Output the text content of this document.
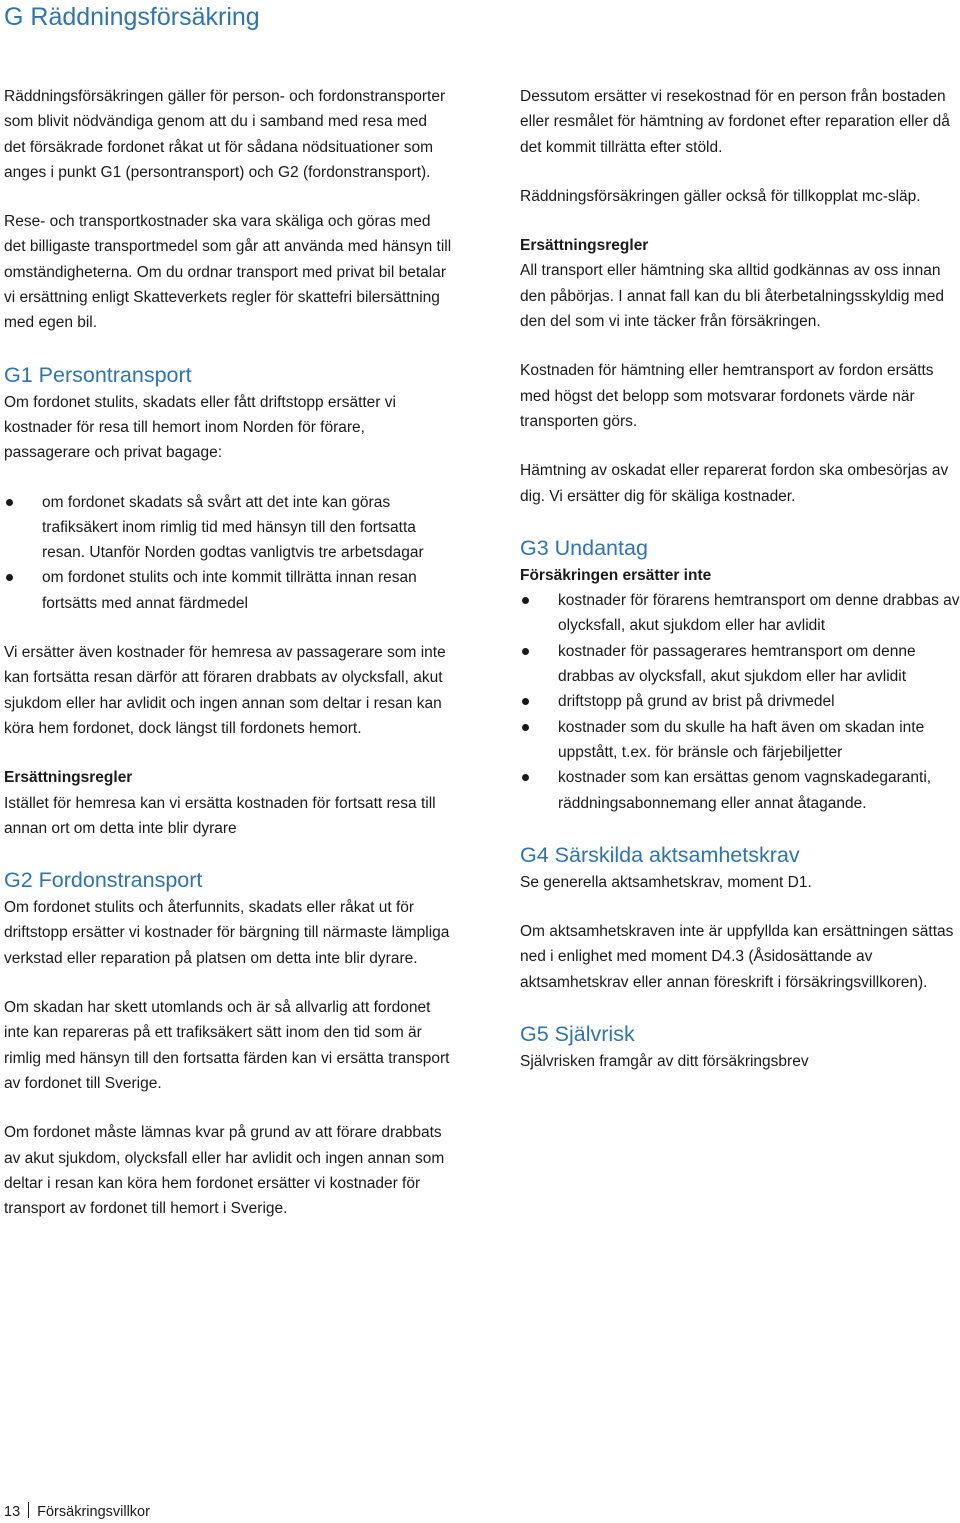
G Räddningsförsäkring

Räddningsförsäkringen gäller för person- och fordonstransporter som blivit nödvändiga genom att du i samband med resa med det försäkrade fordonet råkat ut för sådana nödsituationer som anges i punkt G1 (persontransport) och G2 (fordonstransport).

Rese- och transportkostnader ska vara skäliga och göras med det billigaste transportmedel som går att använda med hänsyn till omständigheterna. Om du ordnar transport med privat bil betalar vi ersättning enligt Skatteverkets regler för skattefri bilersättning med egen bil.

G1 Persontransport

Om fordonet stulits, skadats eller fått driftstopp ersätter vi kostnader för resa till hemort inom Norden för förare, passagerare och privat bagage:

om fordonet skadats så svårt att det inte kan göras trafiksäkert inom rimlig tid med hänsyn till den fortsatta resan. Utanför Norden godtas vanligtvis tre arbetsdagar
om fordonet stulits och inte kommit tillrätta innan resan fortsätts med annat färdmedel

Vi ersätter även kostnader för hemresa av passagerare som inte kan fortsätta resan därför att föraren drabbats av olycksfall, akut sjukdom eller har avlidit och ingen annan som deltar i resan kan köra hem fordonet, dock längst till fordonets hemort.

Ersättningsregler

Istället för hemresa kan vi ersätta kostnaden för fortsatt resa till annan ort om detta inte blir dyrare

G2 Fordonstransport

Om fordonet stulits och återfunnits, skadats eller råkat ut för driftstopp ersätter vi kostnader för bärgning till närmaste lämpliga verkstad eller reparation på platsen om detta inte blir dyrare.

Om skadan har skett utomlands och är så allvarlig att fordonet inte kan repareras på ett trafiksäkert sätt inom den tid som är rimlig med hänsyn till den fortsatta färden kan vi ersätta transport av fordonet till Sverige.

Om fordonet måste lämnas kvar på grund av att förare drabbats av akut sjukdom, olycksfall eller har avlidit och ingen annan som deltar i resan kan köra hem fordonet ersätter vi kostnader för transport av fordonet till hemort i Sverige.

Dessutom ersätter vi resekostnad för en person från bostaden eller resmålet för hämtning av fordonet efter reparation eller då det kommit tillrätta efter stöld.

Räddningsförsäkringen gäller också för tillkopplat mc-släp.

Ersättningsregler

All transport eller hämtning ska alltid godkännas av oss innan den påbörjas. I annat fall kan du bli återbetalningsskyldig med den del som vi inte täcker från försäkringen.

Kostnaden för hämtning eller hemtransport av fordon ersätts med högst det belopp som motsvarar fordonets värde när transporten görs.

Hämtning av oskadat eller reparerat fordon ska ombesörjas av dig. Vi ersätter dig för skäliga kostnader.

G3 Undantag

Försäkringen ersätter inte

kostnader för förarens hemtransport om denne drabbas av olycksfall, akut sjukdom eller har avlidit
kostnader för passagerares hemtransport om denne drabbas av olycksfall, akut sjukdom eller har avlidit
driftstopp på grund av brist på drivmedel
kostnader som du skulle ha haft även om skadan inte uppstått, t.ex. för bränsle och färjebiljetter
kostnader som kan ersättas genom vagnskadegaranti, räddningsabonnemang eller annat åtagande.
G4 Särskilda aktsamhetskrav

Se generella aktsamhetskrav, moment D1.

Om aktsamhetskraven inte är uppfyllda kan ersättningen sättas ned i enlighet med moment D4.3 (Åsidosättande av aktsamhetskrav eller annan föreskrift i försäkringsvillkoren).

G5 Självrisk

Självrisken framgår av ditt försäkringsbrev

13 Försäkringsvillkor
